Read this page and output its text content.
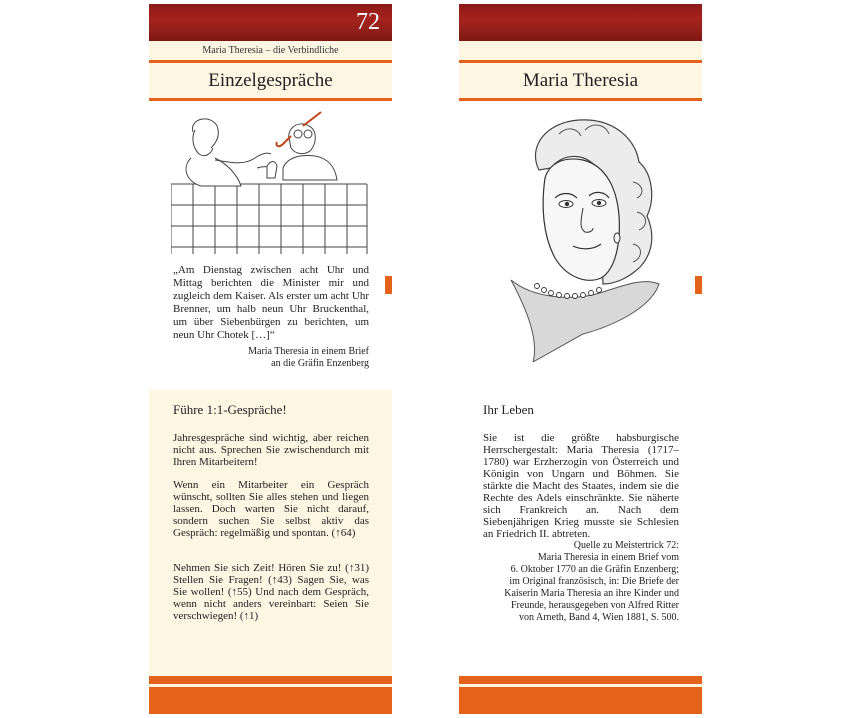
72
Maria Theresia – die Verbindliche
Einzelgespräche
„Am Dienstag zwischen acht Uhr und Mittag berichten die Minister mir und zugleich dem Kaiser. Als erster um acht Uhr Brenner, um halb neun Uhr Bruckenthal, um über Siebenbürgen zu berichten, um neun Uhr Chotek […]“
Maria Theresia in einem Brief
an die Gräfin Enzenberg
Führe 1:1-Gespräche!
Jahresgespräche sind wichtig, aber reichen nicht aus. Sprechen Sie zwischendurch mit Ihren Mitarbeitern!
Wenn ein Mitarbeiter ein Gespräch wünscht, sollten Sie alles stehen und liegen lassen. Doch warten Sie nicht darauf, sondern suchen Sie selbst aktiv das Gespräch: regelmäßig und spontan. (↑64)
Nehmen Sie sich Zeit! Hören Sie zu! (↑31) Stellen Sie Fragen! (↑43) Sagen Sie, was Sie wollen! (↑55) Und nach dem Gespräch, wenn nicht anders vereinbart: Seien Sie verschwiegen! (↑1)
Maria Theresia
Ihr Leben
Sie ist die größte habsburgische Herrschergestalt: Maria Theresia (1717–1780) war Erzherzogin von Österreich und Königin von Ungarn und Böhmen. Sie stärkte die Macht des Staates, indem sie die Rechte des Adels einschränkte. Sie näherte sich Frankreich an. Nach dem Siebenjährigen Krieg musste sie Schlesien an Friedrich II. abtreten.
Quelle zu Meistertrick 72:
Maria Theresia in einem Brief vom
6. Oktober 1770 an die Gräfin Enzenberg;
im Original französisch, in: Die Briefe der
Kaiserin Maria Theresia an ihre Kinder und
Freunde, herausgegeben von Alfred Ritter
von Arneth, Band 4, Wien 1881, S. 500.
